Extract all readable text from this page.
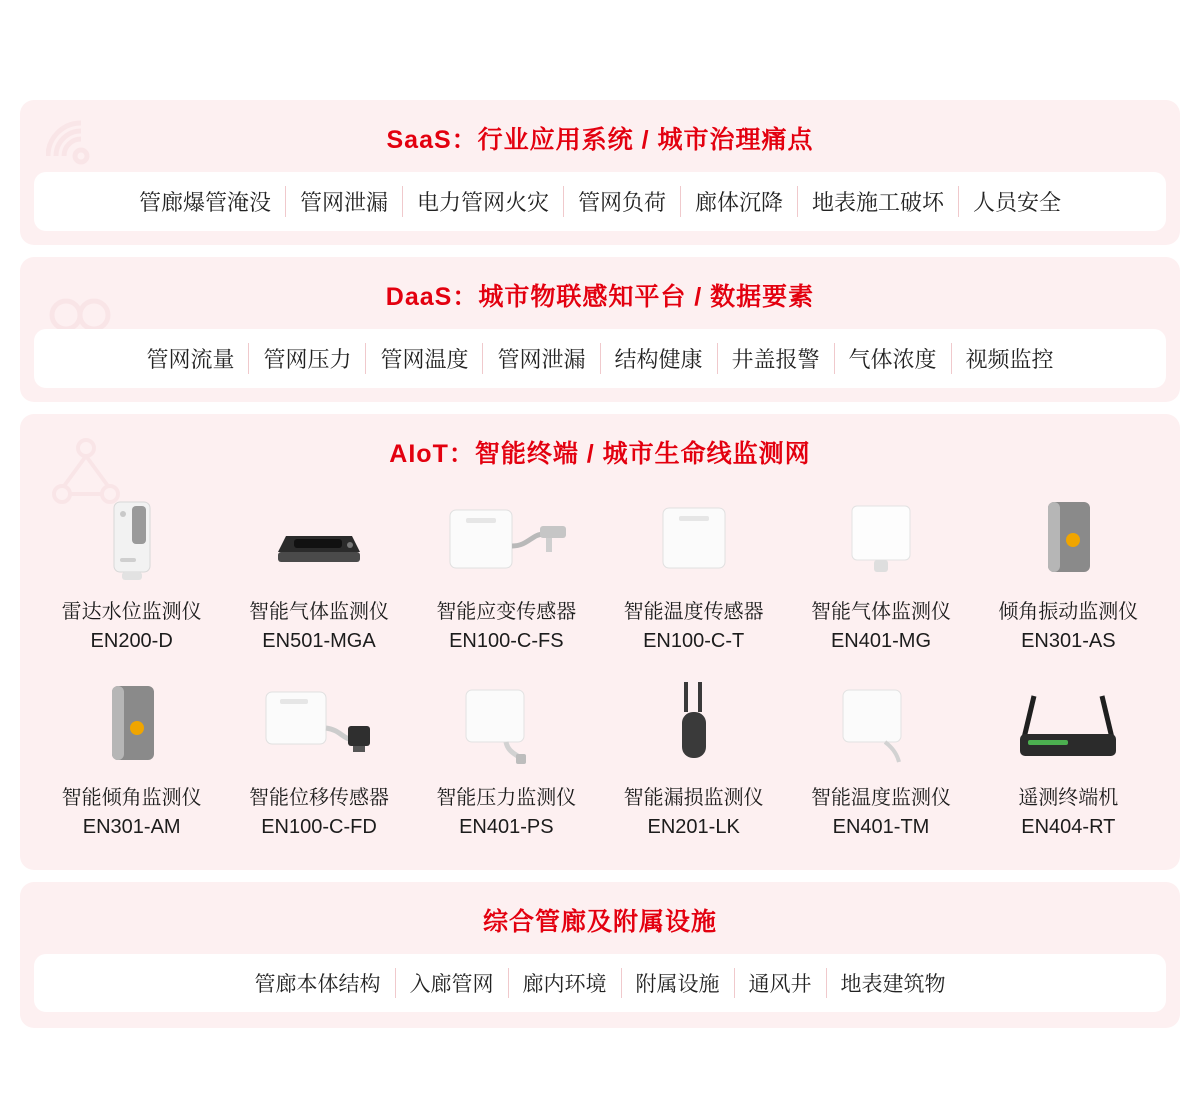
SaaS：行业应用系统 / 城市治理痛点
管廊爆管淹没	管网泄漏	电力管网火灾	管网负荷	廊体沉降	地表施工破坏	人员安全
DaaS：城市物联感知平台 / 数据要素
管网流量	管网压力	管网温度	管网泄漏	结构健康	井盖报警	气体浓度	视频监控
AIoT：智能终端 / 城市生命线监测网
雷达水位监测仪
EN200-D
智能气体监测仪
EN501-MGA
智能应变传感器
EN100-C-FS
智能温度传感器
EN100-C-T
智能气体监测仪
EN401-MG
倾角振动监测仪
EN301-AS
智能倾角监测仪
EN301-AM
智能位移传感器
EN100-C-FD
智能压力监测仪
EN401-PS
智能漏损监测仪
EN201-LK
智能温度监测仪
EN401-TM
遥测终端机
EN404-RT
综合管廊及附属设施
管廊本体结构	入廊管网	廊内环境	附属设施	通风井	地表建筑物
